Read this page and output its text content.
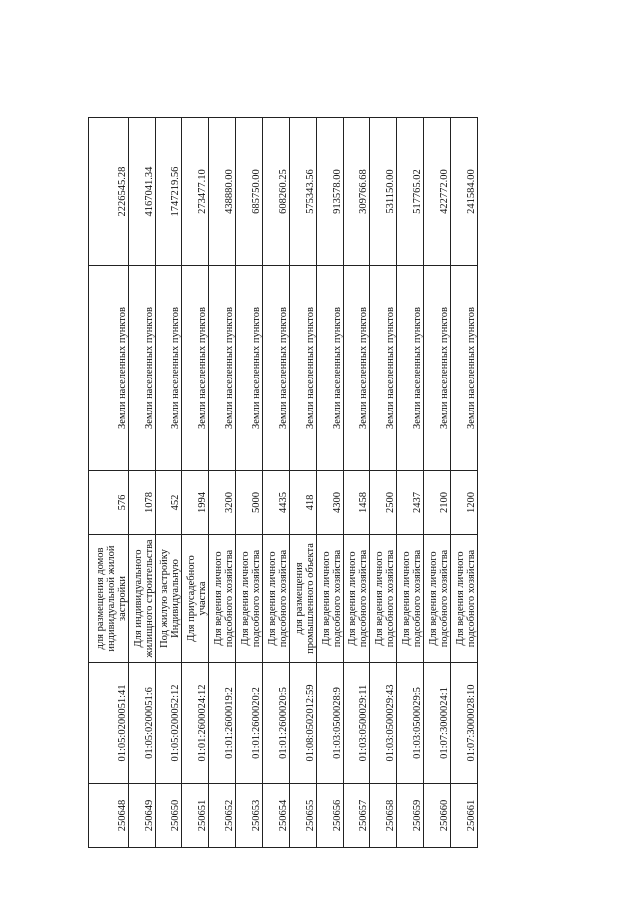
250648	01:05:0200051:41	для размещения домов индивидуальной жилой застройки	576	Земли населенных пунктов	2226545.28
250649	01:05:0200051:6	Для индивидуального жилищного строительства	1078	Земли населенных пунктов	4167041.34
250650	01:05:0200052:12	Под жилую застройку Индивидуальную	452	Земли населенных пунктов	1747219.56
250651	01:01:2600024:12	Для приусадебного участка	1994	Земли населенных пунктов	273477.10
250652	01:01:2600019:2	Для ведения личного подсобного хозяйства	3200	Земли населенных пунктов	438880.00
250653	01:01:2600020:2	Для ведения личного подсобного хозяйства	5000	Земли населенных пунктов	685750.00
250654	01:01:2600020:5	Для ведения личного подсобного хозяйства	4435	Земли населенных пунктов	608260.25
250655	01:08:0502012:59	для размещения промышленного объекта	418	Земли населенных пунктов	575343.56
250656	01:03:0500028:9	Для ведения личного подсобного хозяйства	4300	Земли населенных пунктов	913578.00
250657	01:03:0500029:11	Для ведения личного подсобного хозяйства	1458	Земли населенных пунктов	309766.68
250658	01:03:0500029:43	Для ведения личного подсобного хозяйства	2500	Земли населенных пунктов	531150.00
250659	01:03:0500029:5	Для ведения личного подсобного хозяйства	2437	Земли населенных пунктов	517765.02
250660	01:07:3000024:1	Для ведения личного подсобного хозяйства	2100	Земли населенных пунктов	422772.00
250661	01:07:3000028:10	Для ведения личного подсобного хозяйства	1200	Земли населенных пунктов	241584.00
